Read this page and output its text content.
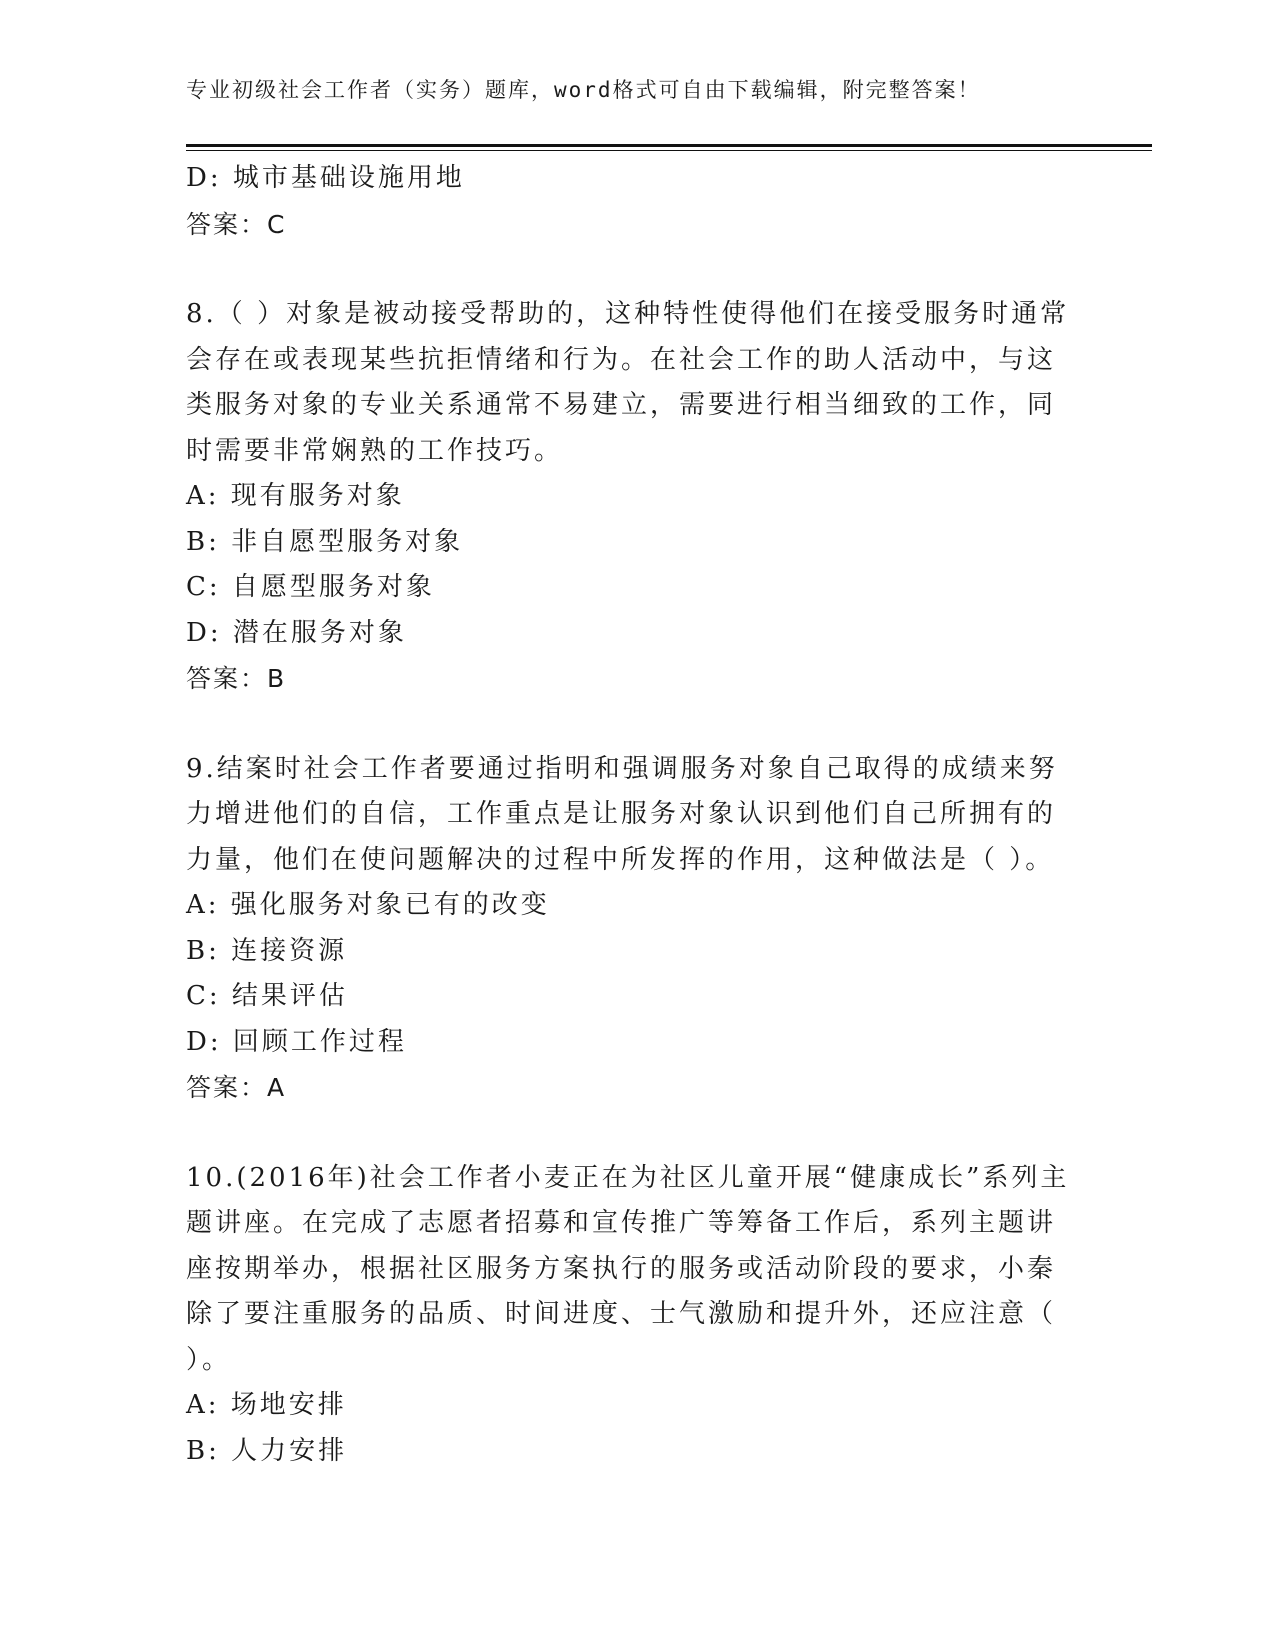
专业初级社会工作者（实务）题库，word格式可自由下载编辑，附完整答案！
D: 城市基础设施用地
答案：C
8.（ ）对象是被动接受帮助的，这种特性使得他们在接受服务时通常
会存在或表现某些抗拒情绪和行为。在社会工作的助人活动中，与这
类服务对象的专业关系通常不易建立，需要进行相当细致的工作，同
时需要非常娴熟的工作技巧。
A: 现有服务对象
B: 非自愿型服务对象
C: 自愿型服务对象
D: 潜在服务对象
答案：B
9.结案时社会工作者要通过指明和强调服务对象自己取得的成绩来努
力增进他们的自信，工作重点是让服务对象认识到他们自己所拥有的
力量，他们在使问题解决的过程中所发挥的作用，这种做法是（ ）。
A: 强化服务对象已有的改变
B: 连接资源
C: 结果评估
D: 回顾工作过程
答案：A
10.(2016年)社会工作者小麦正在为社区儿童开展“健康成长”系列主
题讲座。在完成了志愿者招募和宣传推广等筹备工作后，系列主题讲
座按期举办，根据社区服务方案执行的服务或活动阶段的要求，小秦
除了要注重服务的品质、时间进度、士气激励和提升外，还应注意（
）。
A: 场地安排
B: 人力安排
